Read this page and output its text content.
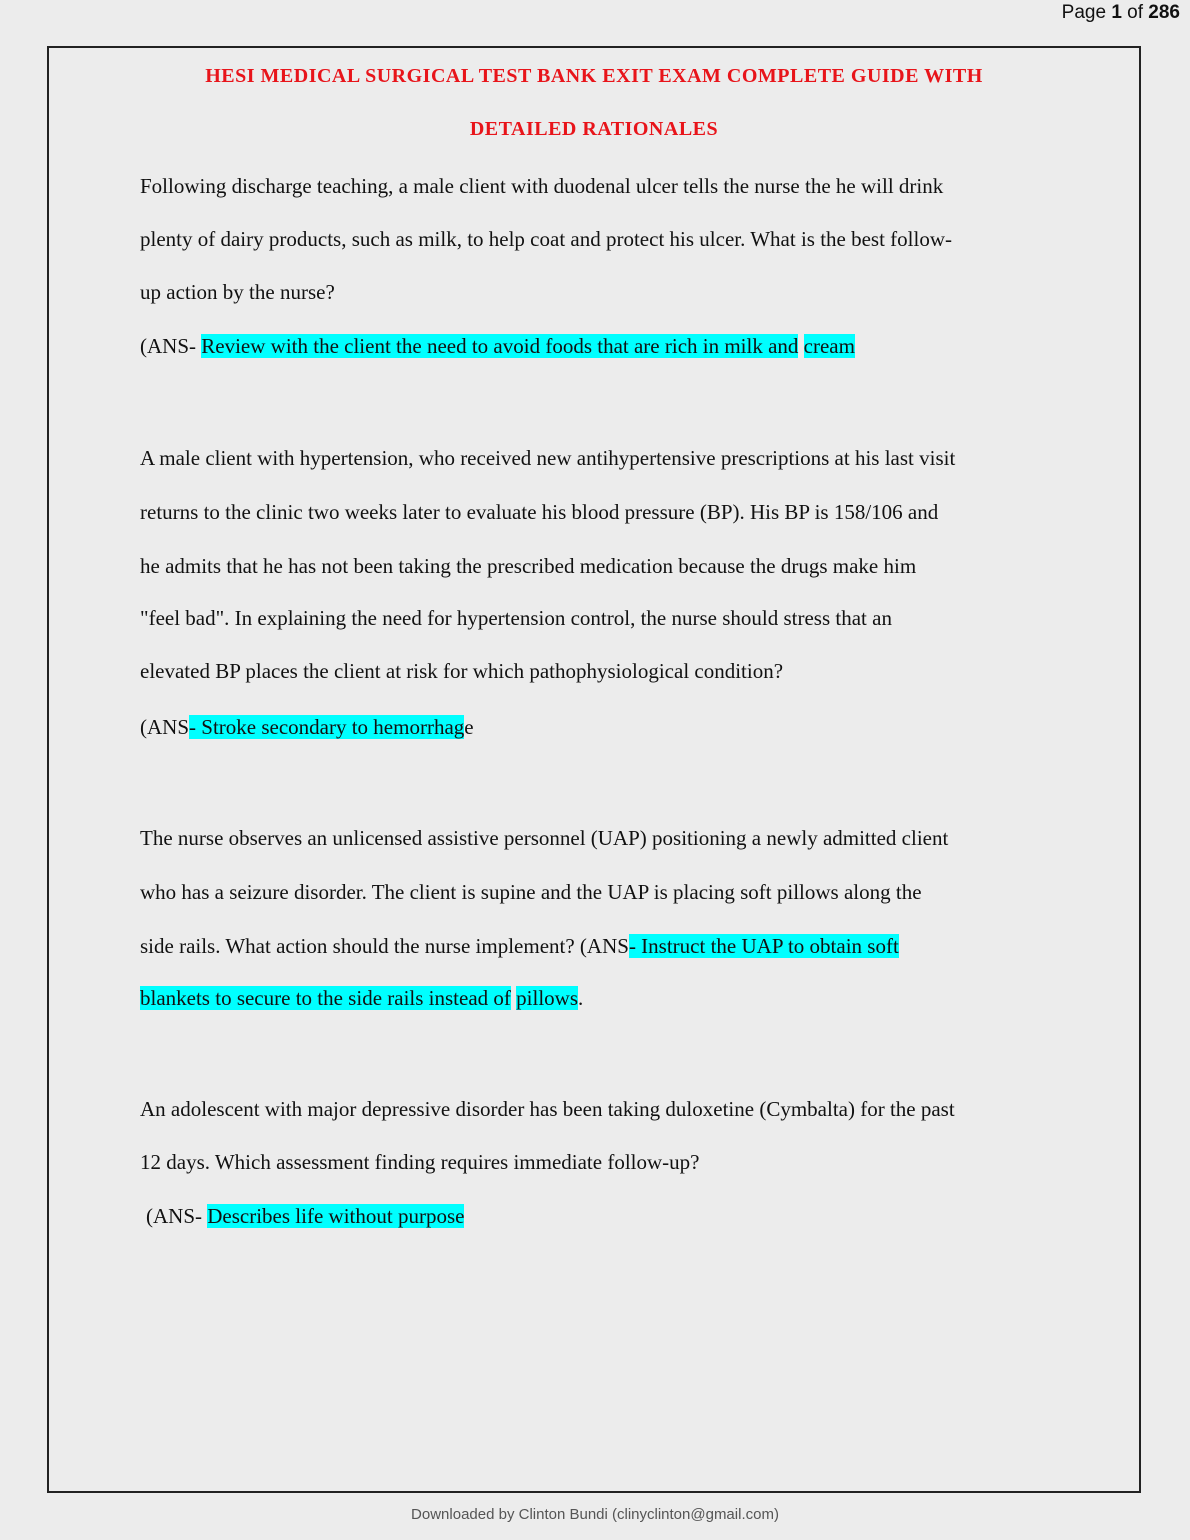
Page 1 of 286
HESI MEDICAL SURGICAL TEST BANK EXIT EXAM COMPLETE GUIDE WITH
DETAILED RATIONALES
Following discharge teaching, a male client with duodenal ulcer tells the nurse the he will drink
plenty of dairy products, such as milk, to help coat and protect his ulcer. What is the best follow-
up action by the nurse?
(ANS- Review with the client the need to avoid foods that are rich in milk and cream
A male client with hypertension, who received new antihypertensive prescriptions at his last visit
returns to the clinic two weeks later to evaluate his blood pressure (BP). His BP is 158/106 and
he admits that he has not been taking the prescribed medication because the drugs make him
"feel bad". In explaining the need for hypertension control, the nurse should stress that an
elevated BP places the client at risk for which pathophysiological condition?
(ANS- Stroke secondary to hemorrhage
The nurse observes an unlicensed assistive personnel (UAP) positioning a newly admitted client
who has a seizure disorder. The client is supine and the UAP is placing soft pillows along the
side rails. What action should the nurse implement? (ANS- Instruct the UAP to obtain soft
blankets to secure to the side rails instead of pillows.
An adolescent with major depressive disorder has been taking duloxetine (Cymbalta) for the past
12 days. Which assessment finding requires immediate follow-up?
(ANS- Describes life without purpose
Downloaded by Clinton Bundi (clinyclinton@gmail.com)
